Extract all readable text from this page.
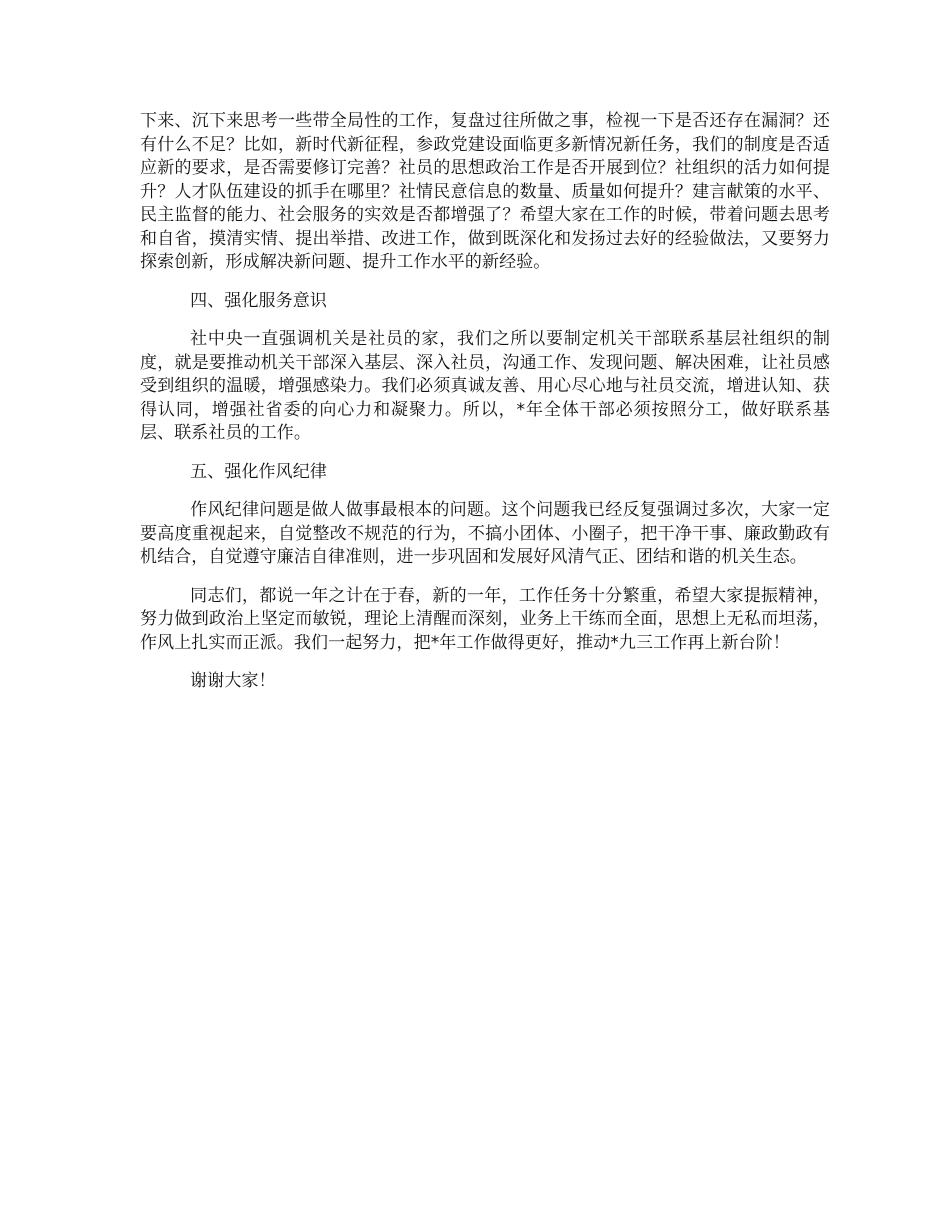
下来、沉下来思考一些带全局性的工作，复盘过往所做之事，检视一下是否还存在漏洞？还有什么不足？比如，新时代新征程，参政党建设面临更多新情况新任务，我们的制度是否适应新的要求，是否需要修订完善？社员的思想政治工作是否开展到位？社组织的活力如何提升？人才队伍建设的抓手在哪里？社情民意信息的数量、质量如何提升？建言献策的水平、民主监督的能力、社会服务的实效是否都增强了？希望大家在工作的时候，带着问题去思考和自省，摸清实情、提出举措、改进工作，做到既深化和发扬过去好的经验做法，又要努力探索创新，形成解决新问题、提升工作水平的新经验。

四、强化服务意识

社中央一直强调机关是社员的家，我们之所以要制定机关干部联系基层社组织的制度，就是要推动机关干部深入基层、深入社员，沟通工作、发现问题、解决困难，让社员感受到组织的温暖，增强感染力。我们必须真诚友善、用心尽心地与社员交流，增进认知、获得认同，增强社省委的向心力和凝聚力。所以，*年全体干部必须按照分工，做好联系基层、联系社员的工作。

五、强化作风纪律

作风纪律问题是做人做事最根本的问题。这个问题我已经反复强调过多次，大家一定要高度重视起来，自觉整改不规范的行为，不搞小团体、小圈子，把干净干事、廉政勤政有机结合，自觉遵守廉洁自律准则，进一步巩固和发展好风清气正、团结和谐的机关生态。

同志们，都说一年之计在于春，新的一年，工作任务十分繁重，希望大家提振精神，努力做到政治上坚定而敏锐，理论上清醒而深刻，业务上干练而全面，思想上无私而坦荡，作风上扎实而正派。我们一起努力，把*年工作做得更好，推动*九三工作再上新台阶！

谢谢大家！
